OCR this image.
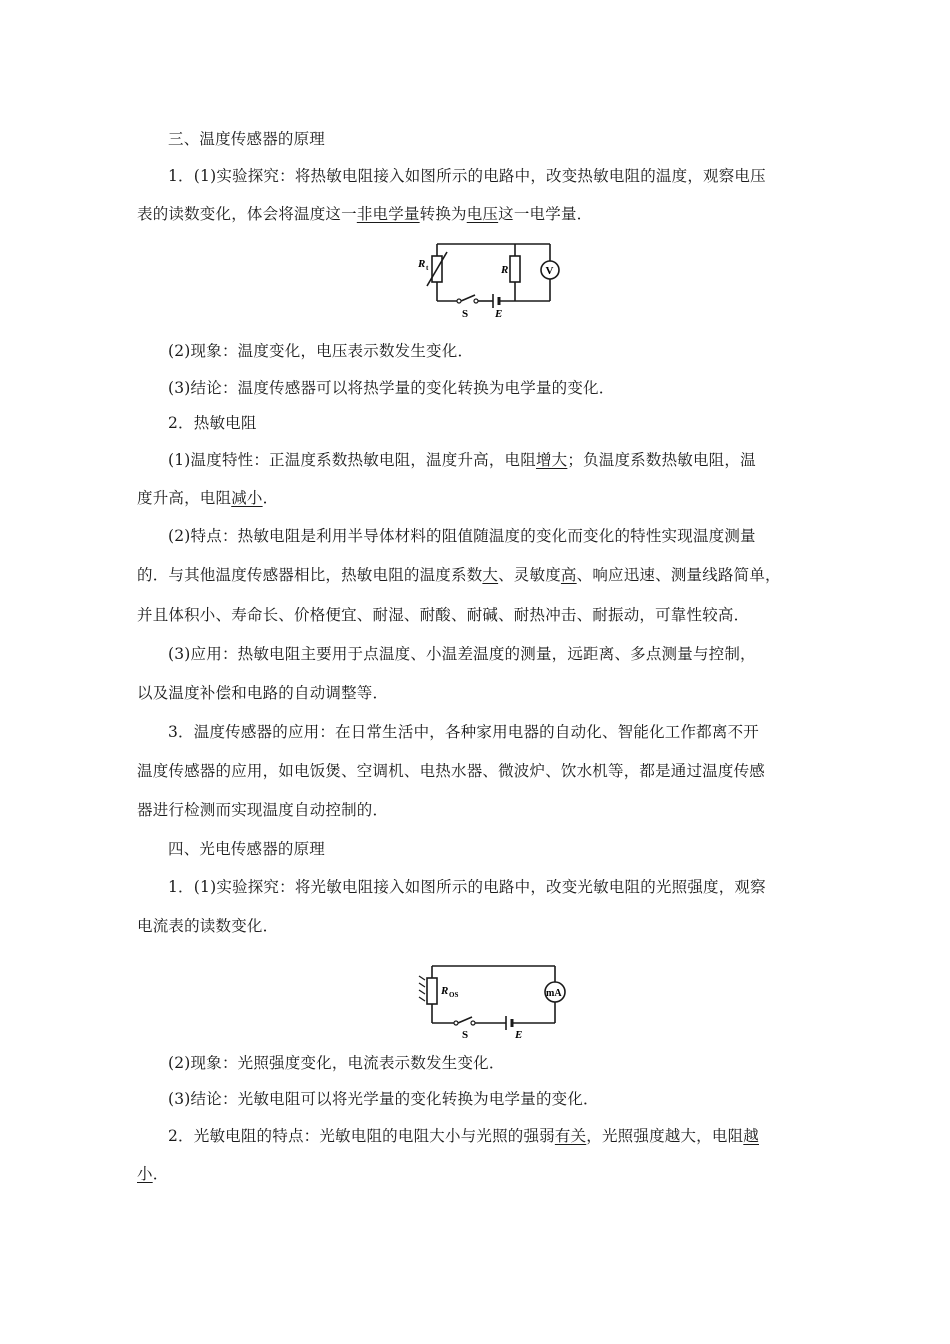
三、温度传感器的原理
1．(1)实验探究：将热敏电阻接入如图所示的电路中，改变热敏电阻的温度，观察电压
表的读数变化，体会将温度这一非电学量转换为电压这一电学量．
R t	R	V
S E
(2)现象：温度变化，电压表示数发生变化．
(3)结论：温度传感器可以将热学量的变化转换为电学量的变化．
2．热敏电阻
(1)温度特性：正温度系数热敏电阻，温度升高，电阻增大；负温度系数热敏电阻，温
度升高，电阻减小．
(2)特点：热敏电阻是利用半导体材料的阻值随温度的变化而变化的特性实现温度测量
的．与其他温度传感器相比，热敏电阻的温度系数大、灵敏度高、响应迅速、测量线路简单，
并且体积小、寿命长、价格便宜、耐湿、耐酸、耐碱、耐热冲击、耐振动，可靠性较高．
(3)应用：热敏电阻主要用于点温度、小温差温度的测量，远距离、多点测量与控制，
以及温度补偿和电路的自动调整等．
3．温度传感器的应用：在日常生活中，各种家用电器的自动化、智能化工作都离不开
温度传感器的应用，如电饭煲、空调机、电热水器、微波炉、饮水机等，都是通过温度传感
器进行检测而实现温度自动控制的．
四、光电传感器的原理
1．(1)实验探究：将光敏电阻接入如图所示的电路中，改变光敏电阻的光照强度，观察
电流表的读数变化．
R OS	mA
S	E
(2)现象：光照强度变化，电流表示数发生变化．
(3)结论：光敏电阻可以将光学量的变化转换为电学量的变化．
2．光敏电阻的特点：光敏电阻的电阻大小与光照的强弱有关，光照强度越大，电阻越
小．
